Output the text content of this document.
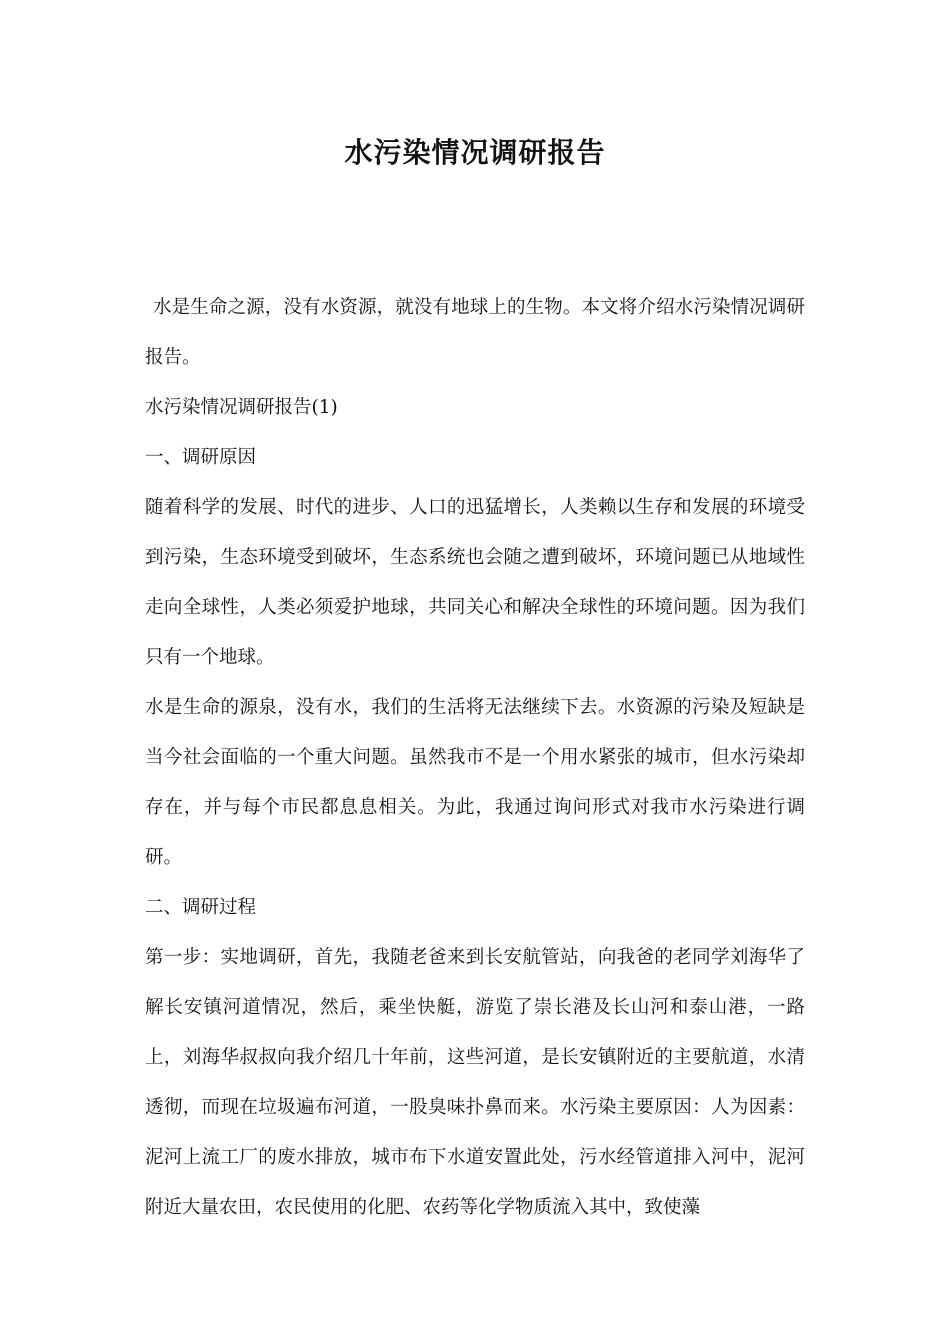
水污染情况调研报告

水是生命之源，没有水资源，就没有地球上的生物。本文将介绍水污染情况调研报告。

水污染情况调研报告(1)

一、调研原因

随着科学的发展、时代的进步、人口的迅猛增长，人类赖以生存和发展的环境受到污染，生态环境受到破坏，生态系统也会随之遭到破坏，环境问题已从地域性走向全球性，人类必须爱护地球，共同关心和解决全球性的环境问题。因为我们只有一个地球。

水是生命的源泉，没有水，我们的生活将无法继续下去。水资源的污染及短缺是当今社会面临的一个重大问题。虽然我市不是一个用水紧张的城市，但水污染却存在，并与每个市民都息息相关。为此，我通过询问形式对我市水污染进行调研。

二、调研过程

第一步：实地调研，首先，我随老爸来到长安航管站，向我爸的老同学刘海华了解长安镇河道情况，然后，乘坐快艇，游览了崇长港及长山河和泰山港，一路上，刘海华叔叔向我介绍几十年前，这些河道，是长安镇附近的主要航道，水清透彻，而现在垃圾遍布河道，一股臭味扑鼻而来。水污染主要原因：人为因素：泥河上流工厂的废水排放，城市布下水道安置此处，污水经管道排入河中，泥河附近大量农田，农民使用的化肥、农药等化学物质流入其中，致使藻
